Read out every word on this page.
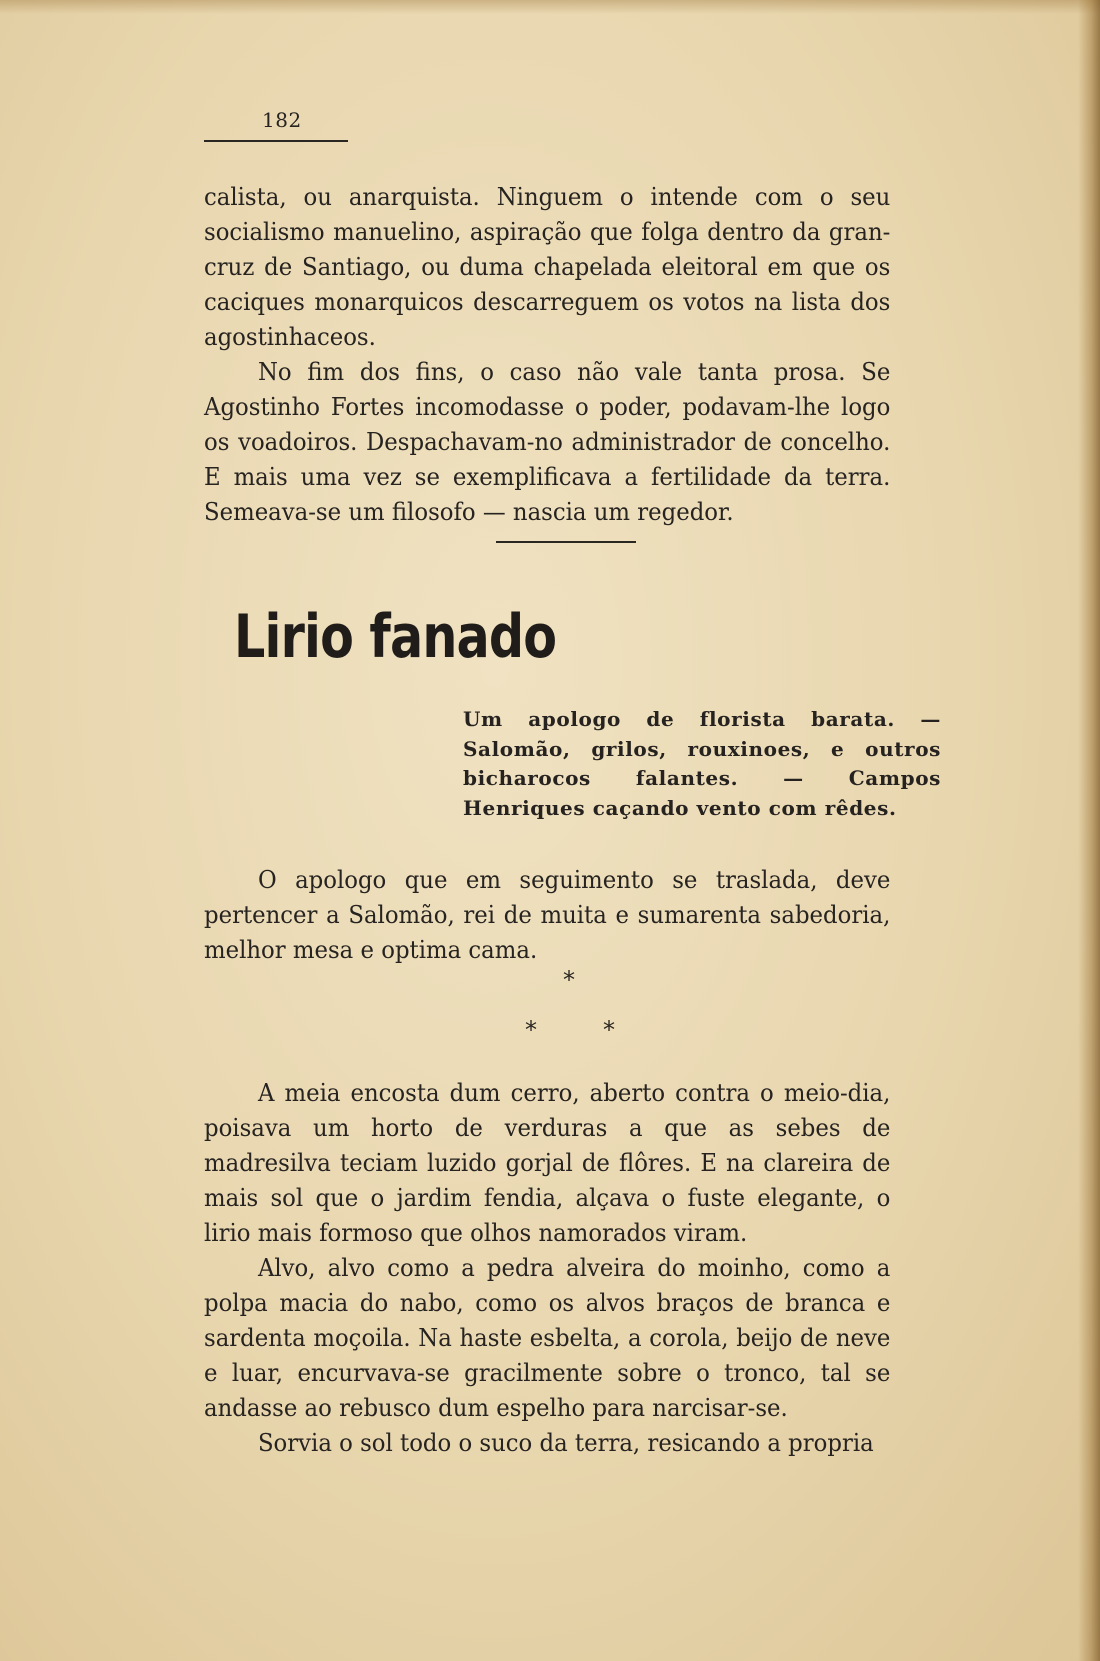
182

calista, ou anarquista. Ninguem o intende com o seu socialismo manuelino, aspiração que folga dentro da gran-cruz de Santiago, ou duma chapelada eleitoral em que os caciques monarquicos descarreguem os votos na lista dos agostinhaceos.

No fim dos fins, o caso não vale tanta prosa. Se Agostinho Fortes incomodasse o poder, podavam-lhe logo os voadoiros. Despachavam-no administrador de concelho. E mais uma vez se exemplificava a fertilidade da terra. Semeava-se um filosofo — nascia um regedor.

Lirio fanado
Um apologo de florista barata. — Salomão, grilos, rouxinoes, e outros bicharocos falantes. — Campos Henriques caçando vento com rêdes.

O apologo que em seguimento se traslada, deve pertencer a Salomão, rei de muita e sumarenta sabedoria, melhor mesa e optima cama.

*
*	*

A meia encosta dum cerro, aberto contra o meio-dia, poisava um horto de verduras a que as sebes de madresilva teciam luzido gorjal de flôres. E na clareira de mais sol que o jardim fendia, alçava o fuste elegante, o lirio mais formoso que olhos namorados viram.

Alvo, alvo como a pedra alveira do moinho, como a polpa macia do nabo, como os alvos braços de branca e sardenta moçoila. Na haste esbelta, a corola, beijo de neve e luar, encurvava-se gracilmente sobre o tronco, tal se andasse ao rebusco dum espelho para narcisar-se.

Sorvia o sol todo o suco da terra, resicando a propria
